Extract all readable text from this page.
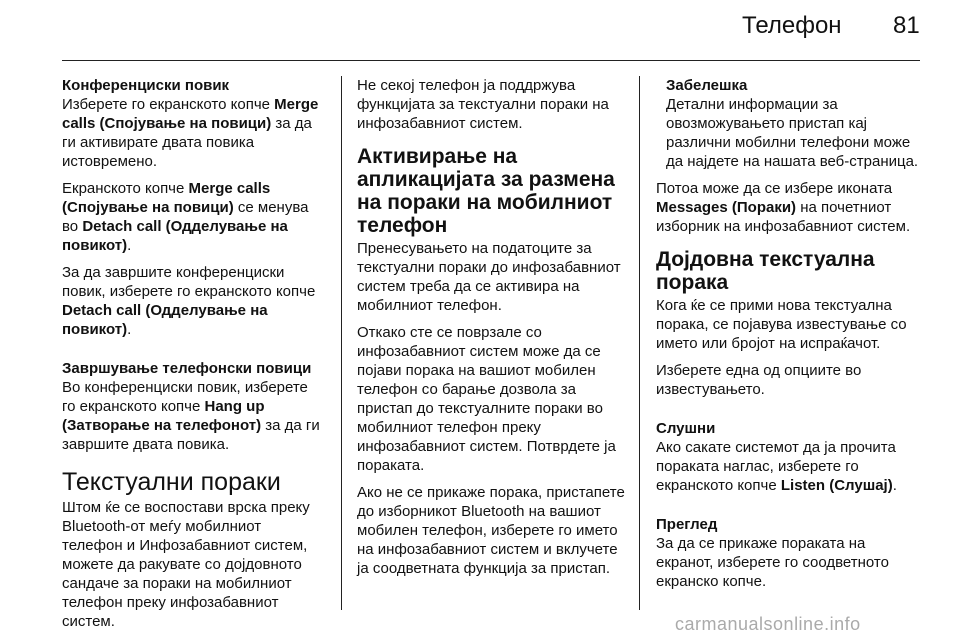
Телефон 81
Конференциски повик

Изберете го екранското копче Merge calls (Спојување на повици) за да ги активирате двата повика истовремено.

Екранското копче Merge calls (Спојување на повици) се менува во Detach call (Одделување на повикот).

За да завршите конференциски повик, изберете го екранското копче Detach call (Одделување на повикот).

Завршување телефонски повици

Во конференциски повик, изберете го екранското копче Hang up (Затворање на телефонот) за да ги завршите двата повика.

Текстуални пораки

Штом ќе се воспостави врска преку Bluetooth-от меѓу мобилниот телефон и Инфозабавниот систем, можете да ракувате со дојдовното сандаче за пораки на мобилниот телефон преку инфозабавниот систем.

Не секој телефон ја поддржува функцијата за текстуални пораки на инфозабавниот систем.

Активирање на апликацијата за размена на пораки на мобилниот телефон

Пренесувањето на податоците за текстуални пораки до инфозабавниот систем треба да се активира на мобилниот телефон.

Откако сте се поврзале со инфозабавниот систем може да се појави порака на вашиот мобилен телефон со барање дозвола за пристап до текстуалните пораки во мобилниот телефон преку инфозабавниот систем. Потврдете ја пораката.

Ако не се прикаже порака, пристапете до изборникот Bluetooth на вашиот мобилен телефон, изберете го името на инфозабавниот систем и вклучете ја соодветната функција за пристап.

Забелешка
Детални информации за овозможувањето пристап кај различни мобилни телефони може да најдете на нашата веб-страница.

Потоа може да се избере иконата Messages (Пораки) на почетниот изборник на инфозабавниот систем.

Дојдовна текстуална порака

Кога ќе се прими нова текстуална порака, се појавува известување со името или бројот на испраќачот.

Изберете една од опциите во известувањето.

Слушни

Ако сакате системот да ја прочита пораката наглас, изберете го екранското копче Listen (Слушај).

Преглед

За да се прикаже пораката на екранот, изберете го соодветното екранско копче.

carmanualsonline.info
